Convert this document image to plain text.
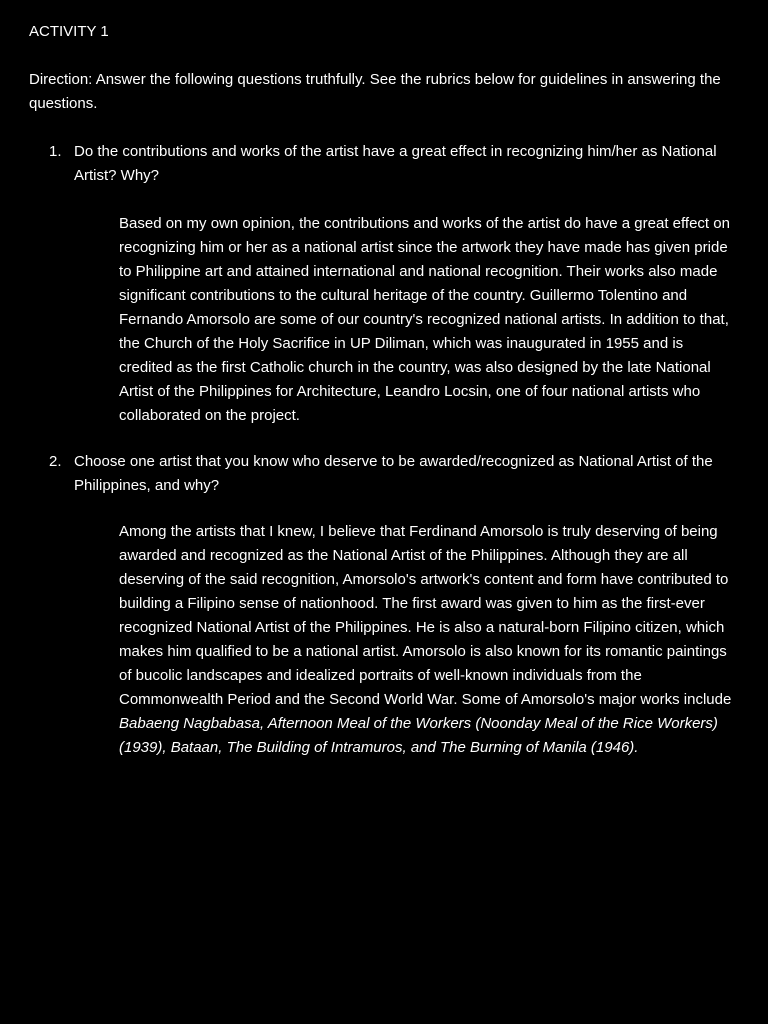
ACTIVITY 1

Direction: Answer the following questions truthfully. See the rubrics below for guidelines in answering the questions.

1. Do the contributions and works of the artist have a great effect in recognizing him/her as National Artist? Why?

Based on my own opinion, the contributions and works of the artist do have a great effect on recognizing him or her as a national artist since the artwork they have made has given pride to Philippine art and attained international and national recognition. Their works also made significant contributions to the cultural heritage of the country. Guillermo Tolentino and Fernando Amorsolo are some of our country's recognized national artists. In addition to that, the Church of the Holy Sacrifice in UP Diliman, which was inaugurated in 1955 and is credited as the first Catholic church in the country, was also designed by the late National Artist of the Philippines for Architecture, Leandro Locsin, one of four national artists who collaborated on the project.

2. Choose one artist that you know who deserve to be awarded/recognized as National Artist of the Philippines, and why?

Among the artists that I knew, I believe that Ferdinand Amorsolo is truly deserving of being awarded and recognized as the National Artist of the Philippines. Although they are all deserving of the said recognition, Amorsolo's artwork's content and form have contributed to building a Filipino sense of nationhood. The first award was given to him as the first-ever recognized National Artist of the Philippines. He is also a natural-born Filipino citizen, which makes him qualified to be a national artist. Amorsolo is also known for its romantic paintings of bucolic landscapes and idealized portraits of well-known individuals from the Commonwealth Period and the Second World War. Some of Amorsolo's major works include Babaeng Nagbabasa, Afternoon Meal of the Workers (Noonday Meal of the Rice Workers) (1939), Bataan, The Building of Intramuros, and The Burning of Manila (1946).
